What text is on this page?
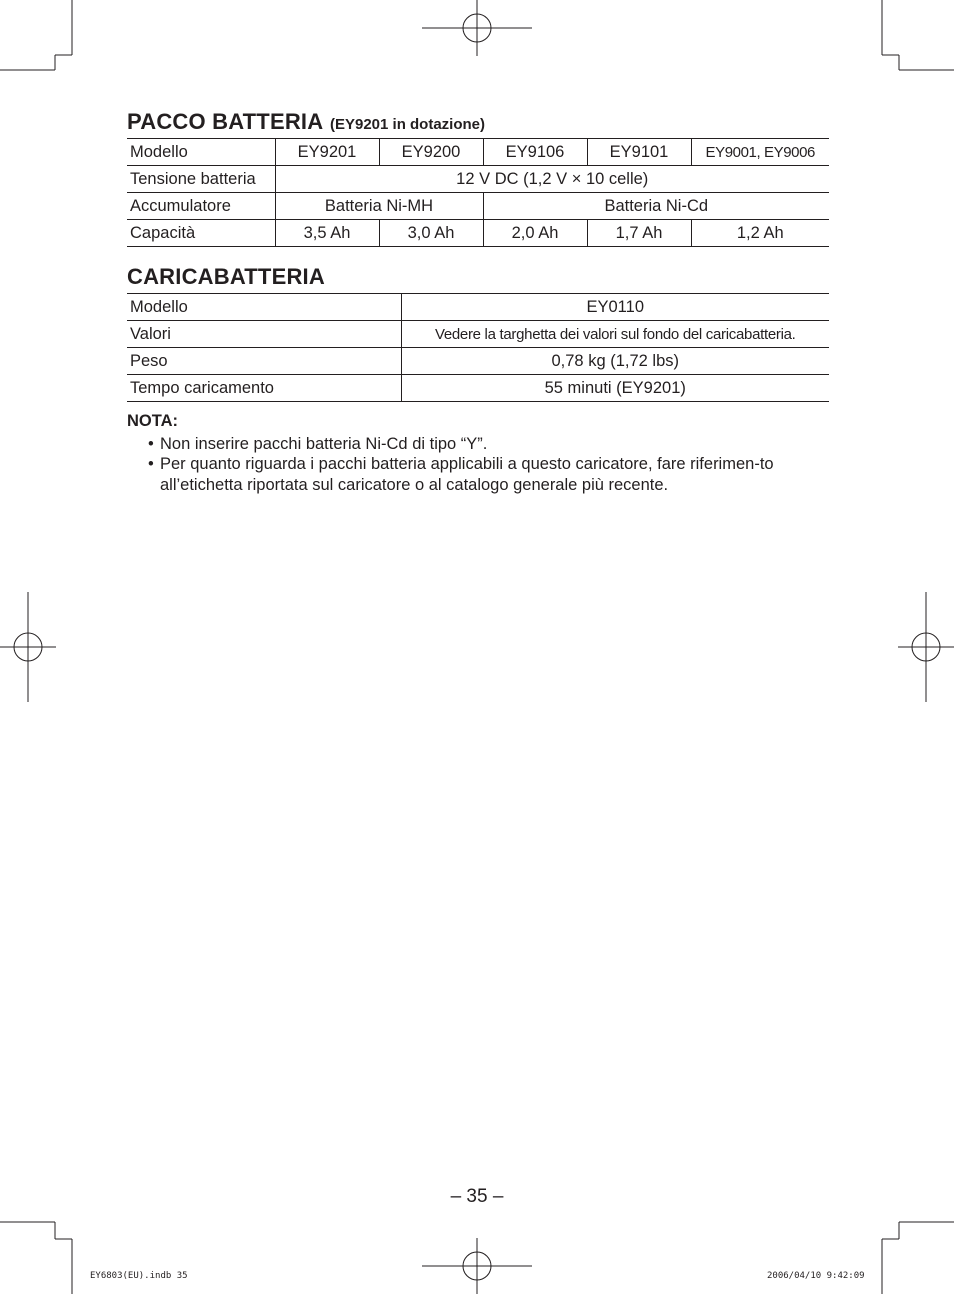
PACCO BATTERIA (EY9201 in dotazione)
Modello	EY9201	EY9200	EY9106	EY9101	EY9001, EY9006
Tensione batteria	12 V DC (1,2 V × 10 celle)				
Accumulatore	Batteria Ni-MH		Batteria Ni-Cd		
Capacità	3,5 Ah	3,0 Ah	2,0 Ah	1,7 Ah	1,2 Ah
CARICABATTERIA
Modello	EY0110
Valori	Vedere la targhetta dei valori sul fondo del caricabatteria.
Peso	0,78 kg (1,72 lbs)
Tempo caricamento	55 minuti (EY9201)
NOTA:
• Non inserire pacchi batteria Ni-Cd di tipo “Y”.
• Per quanto riguarda i pacchi batteria applicabili a questo caricatore, fare riferimen-to all’etichetta riportata sul caricatore o al catalogo generale più recente.
– 35 –
EY6803(EU).indb 35	2006/04/10 9:42:09
